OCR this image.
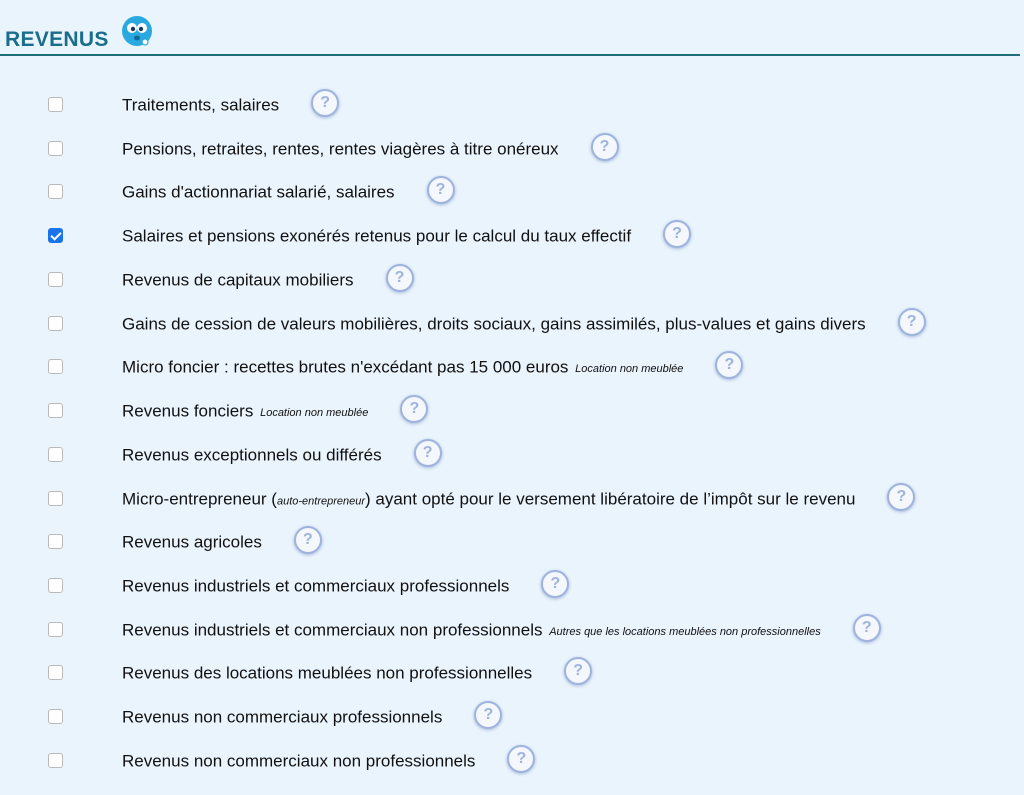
REVENUS
Traitements, salaires	?
Pensions, retraites, rentes, rentes viagères à titre onéreux	?
Gains d'actionnariat salarié, salaires	?
Salaires et pensions exonérés retenus pour le calcul du taux effectif	?
Revenus de capitaux mobiliers	?
Gains de cession de valeurs mobilières, droits sociaux, gains assimilés, plus-values et gains divers	?
Micro foncier : recettes brutes n'excédant pas 15 000 euros Location non meublée	?
Revenus fonciers Location non meublée	?
Revenus exceptionnels ou différés	?
Micro-entrepreneur (auto-entrepreneur) ayant opté pour le versement libératoire de l’impôt sur le revenu	?
Revenus agricoles	?
Revenus industriels et commerciaux professionnels	?
Revenus industriels et commerciaux non professionnels Autres que les locations meublées non professionnelles	?
Revenus des locations meublées non professionnelles	?
Revenus non commerciaux professionnels	?
Revenus non commerciaux non professionnels	?
